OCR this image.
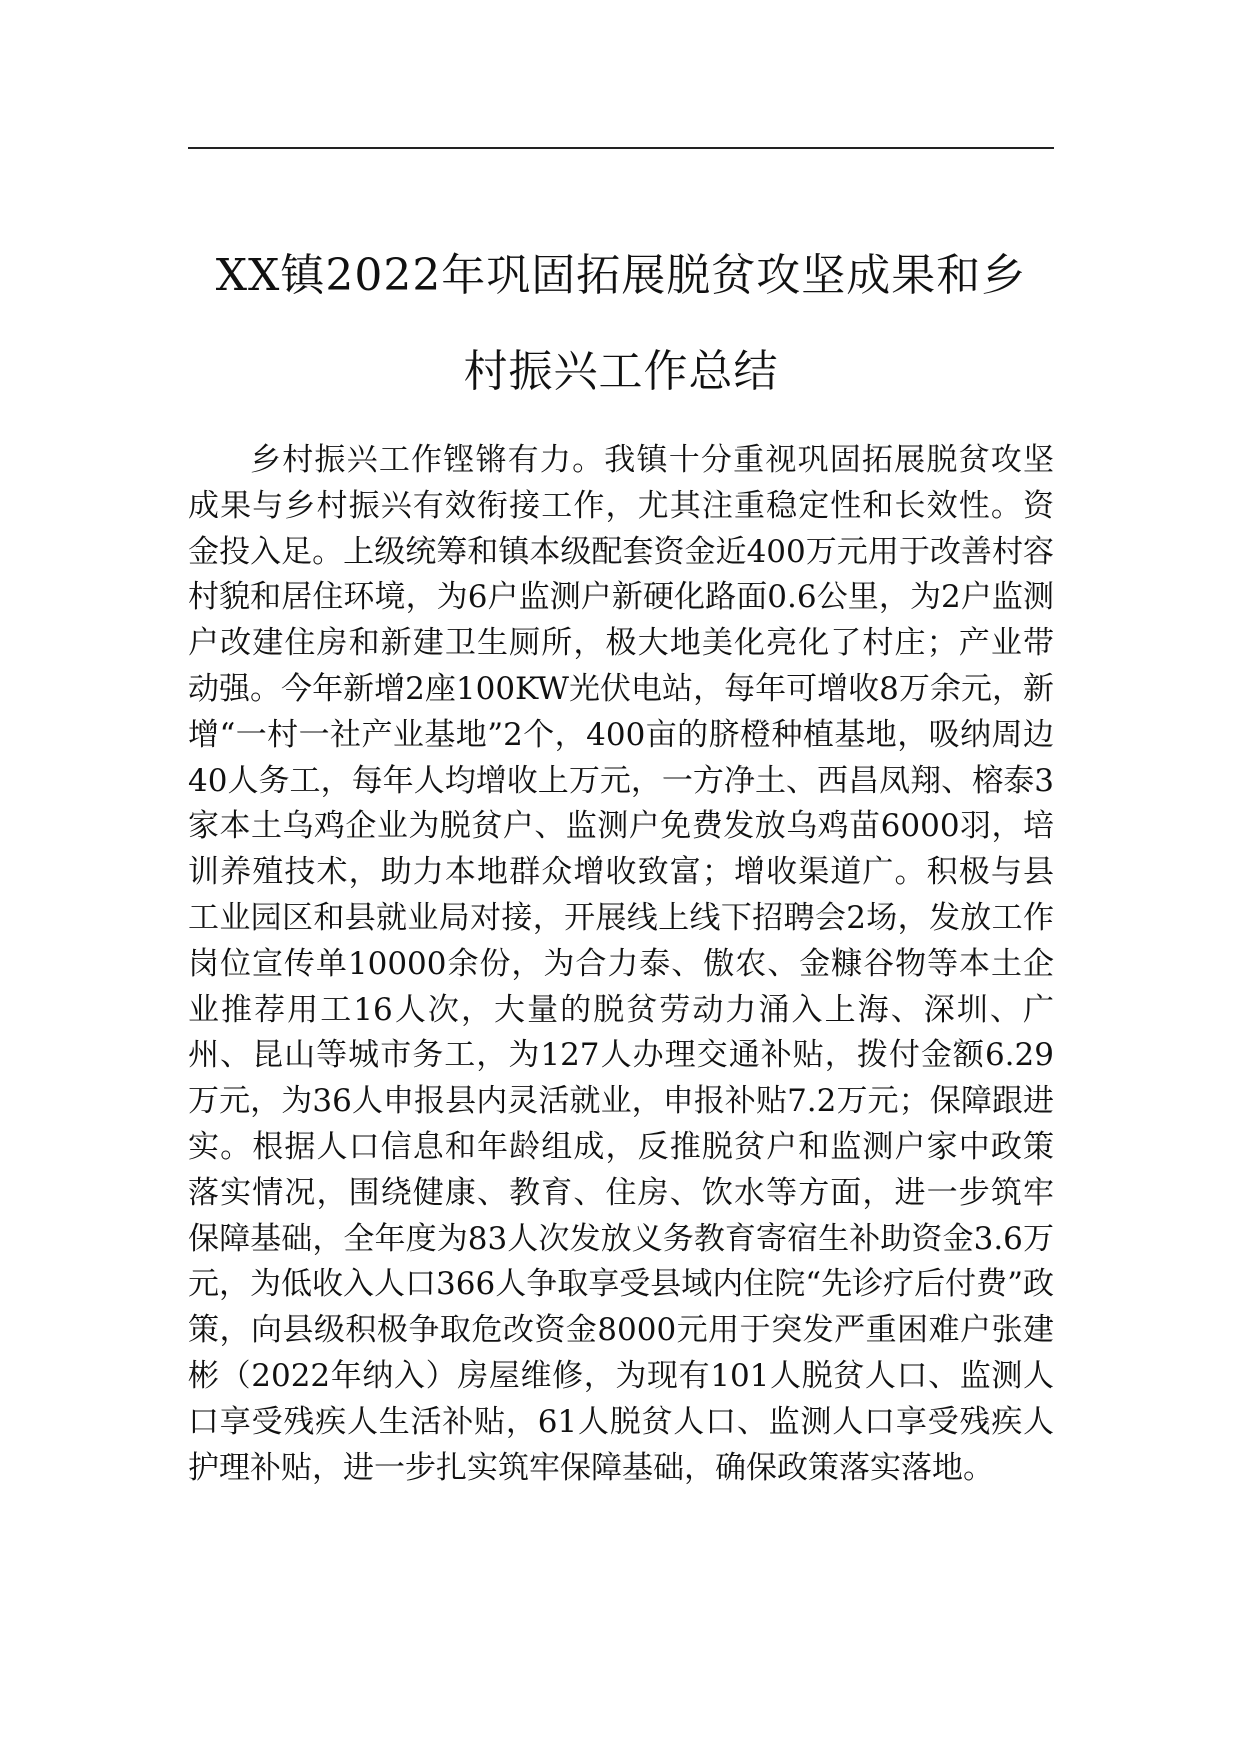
XX镇2022年巩固拓展脱贫攻坚成果和乡
村振兴工作总结

乡村振兴工作铿锵有力。我镇十分重视巩固拓展脱贫攻坚成果与乡村振兴有效衔接工作，尤其注重稳定性和长效性。资金投入足。上级统筹和镇本级配套资金近400万元用于改善村容村貌和居住环境，为6户监测户新硬化路面0.6公里，为2户监测户改建住房和新建卫生厕所，极大地美化亮化了村庄；产业带动强。今年新增2座100KW光伏电站，每年可增收8万余元，新增“一村一社产业基地”2个，400亩的脐橙种植基地，吸纳周边40人务工，每年人均增收上万元，一方净土、西昌凤翔、榕泰3家本土乌鸡企业为脱贫户、监测户免费发放乌鸡苗6000羽，培训养殖技术，助力本地群众增收致富；增收渠道广。积极与县工业园区和县就业局对接，开展线上线下招聘会2场，发放工作岗位宣传单10000余份，为合力泰、傲农、金糠谷物等本土企业推荐用工16人次，大量的脱贫劳动力涌入上海、深圳、广州、昆山等城市务工，为127人办理交通补贴，拨付金额6.29万元，为36人申报县内灵活就业，申报补贴7.2万元；保障跟进实。根据人口信息和年龄组成，反推脱贫户和监测户家中政策落实情况，围绕健康、教育、住房、饮水等方面，进一步筑牢保障基础，全年度为83人次发放义务教育寄宿生补助资金3.6万元，为低收入人口366人争取享受县域内住院“先诊疗后付费”政策，向县级积极争取危改资金8000元用于突发严重困难户张建彬（2022年纳入）房屋维修，为现有101人脱贫人口、监测人口享受残疾人生活补贴，61人脱贫人口、监测人口享受残疾人护理补贴，进一步扎实筑牢保障基础，确保政策落实落地。
